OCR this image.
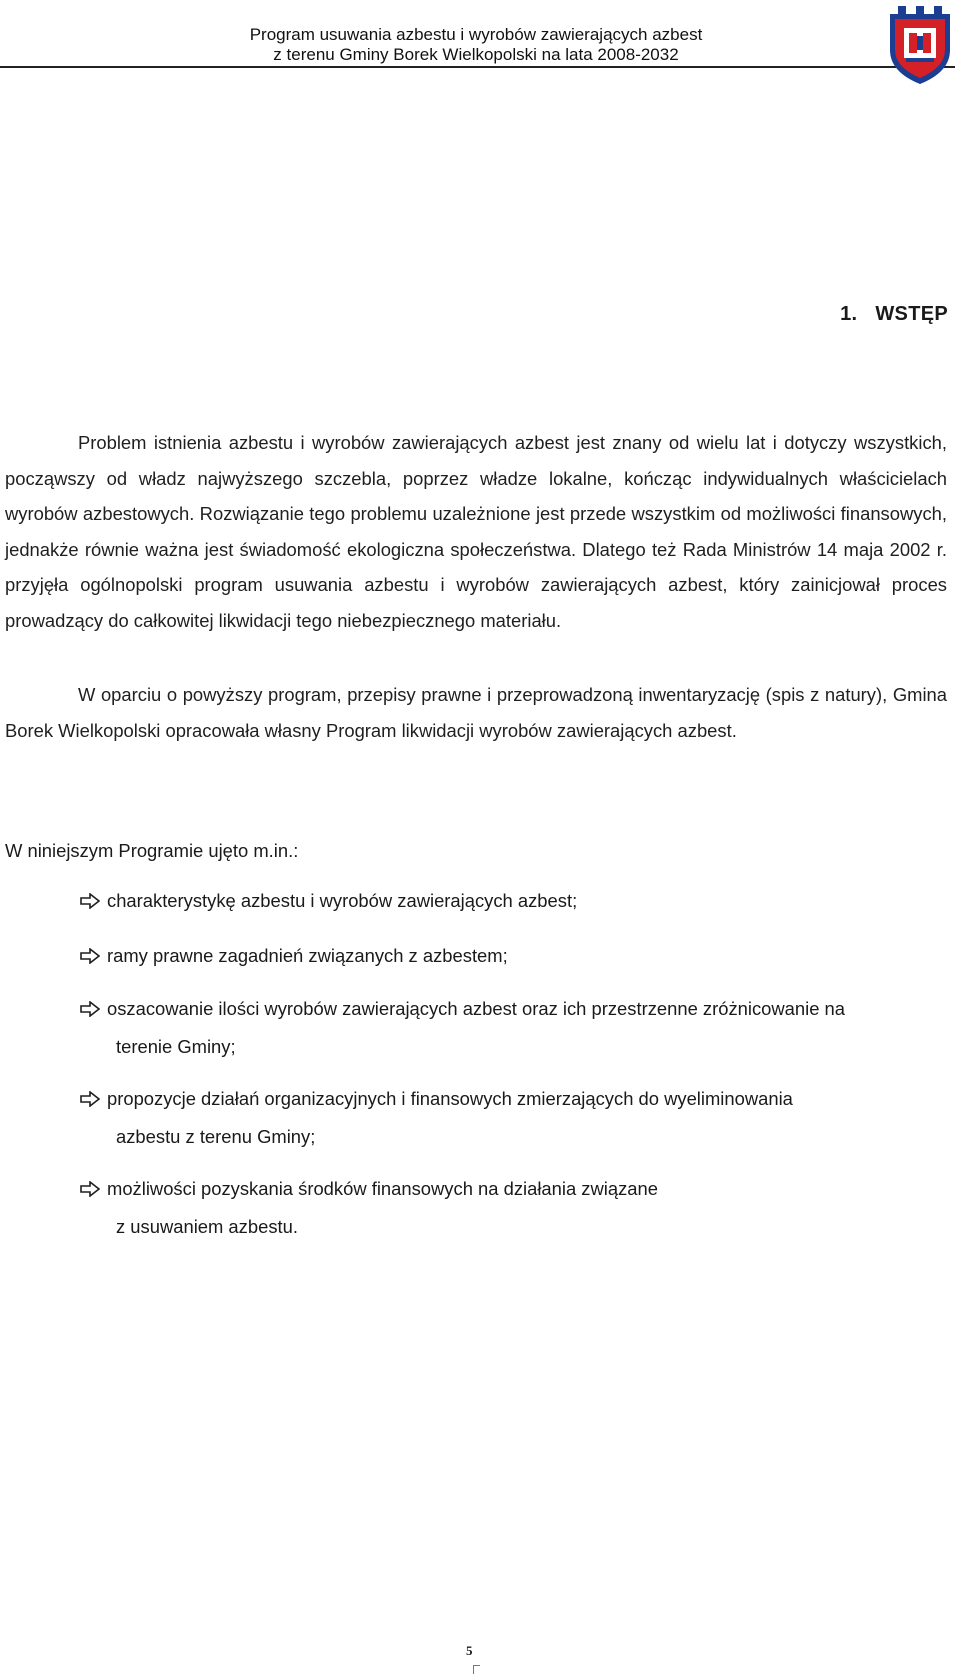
Program usuwania azbestu i wyrobów zawierających azbest
z terenu Gminy Borek Wielkopolski na lata 2008-2032
1. WSTĘP
Problem istnienia azbestu i wyrobów zawierających azbest jest znany od wielu lat i dotyczy wszystkich, począwszy od władz najwyższego szczebla, poprzez władze lokalne, kończąc indywidualnych właścicielach wyrobów azbestowych. Rozwiązanie tego problemu uzależnione jest przede wszystkim od możliwości finansowych, jednakże równie ważna jest świadomość ekologiczna społeczeństwa. Dlatego też Rada Ministrów 14 maja 2002 r. przyjęła ogólnopolski program usuwania azbestu i wyrobów zawierających azbest, który zainicjował proces prowadzący do całkowitej likwidacji tego niebezpiecznego materiału.
W oparciu o powyższy program, przepisy prawne i przeprowadzoną inwentaryzację (spis z natury), Gmina Borek Wielkopolski opracowała własny Program likwidacji wyrobów zawierających azbest.
W niniejszym Programie ujęto m.in.:
charakterystykę azbestu i wyrobów zawierających azbest;
ramy prawne zagadnień związanych z azbestem;
oszacowanie ilości wyrobów zawierających azbest oraz ich przestrzenne zróżnicowanie na
terenie Gminy;
propozycje działań organizacyjnych i finansowych zmierzających do wyeliminowania
azbestu z terenu Gminy;
możliwości pozyskania środków finansowych na działania związane
z usuwaniem azbestu.
5
